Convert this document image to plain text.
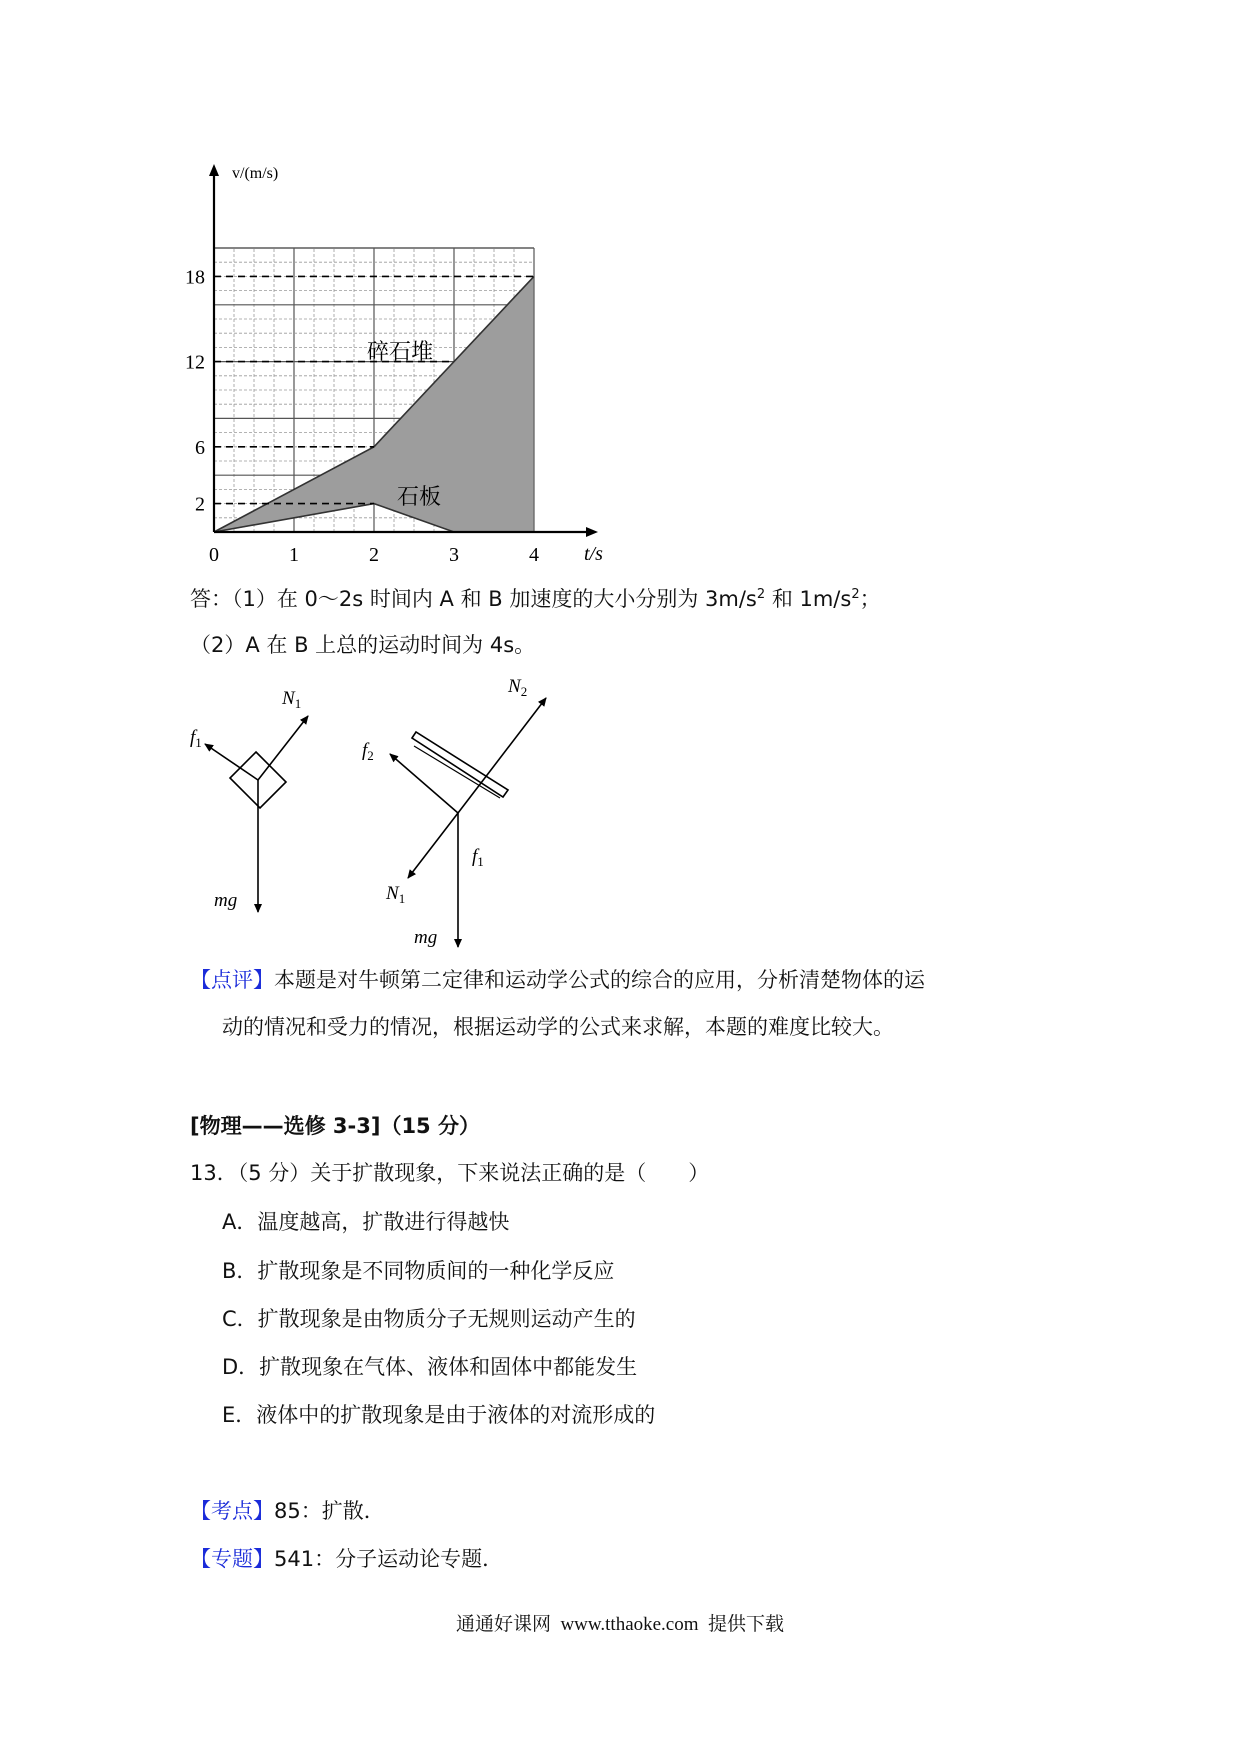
0	1	2	3	4
2
6
12
18
v/(m/s)
t/s
碎石堆
石板
答：（1）在 0～2s 时间内 A 和 B 加速度的大小分别为 $3m/s^2$ 和 $1m/s^2$；
（2）A 在 B 上总的运动时间为 4s。
$N_1$
$f_1$
mg
$N_2$
$f_2$
$f_1$
$N_1$
mg
【点评】本题是对牛顿第二定律和运动学公式的综合的应用，分析清楚物体的运
动的情况和受力的情况，根据运动学的公式来求解，本题的难度比较大。
[物理——选修 3-3]（15 分）
13．（5 分）关于扩散现象，下来说法正确的是（　　）
A．温度越高，扩散进行得越快
B．扩散现象是不同物质间的一种化学反应
C．扩散现象是由物质分子无规则运动产生的
D．扩散现象在气体、液体和固体中都能发生
E．液体中的扩散现象是由于液体的对流形成的
【考点】85：扩散．
【专题】541：分子运动论专题．
通通好课网  www.tthaoke.com  提供下载
